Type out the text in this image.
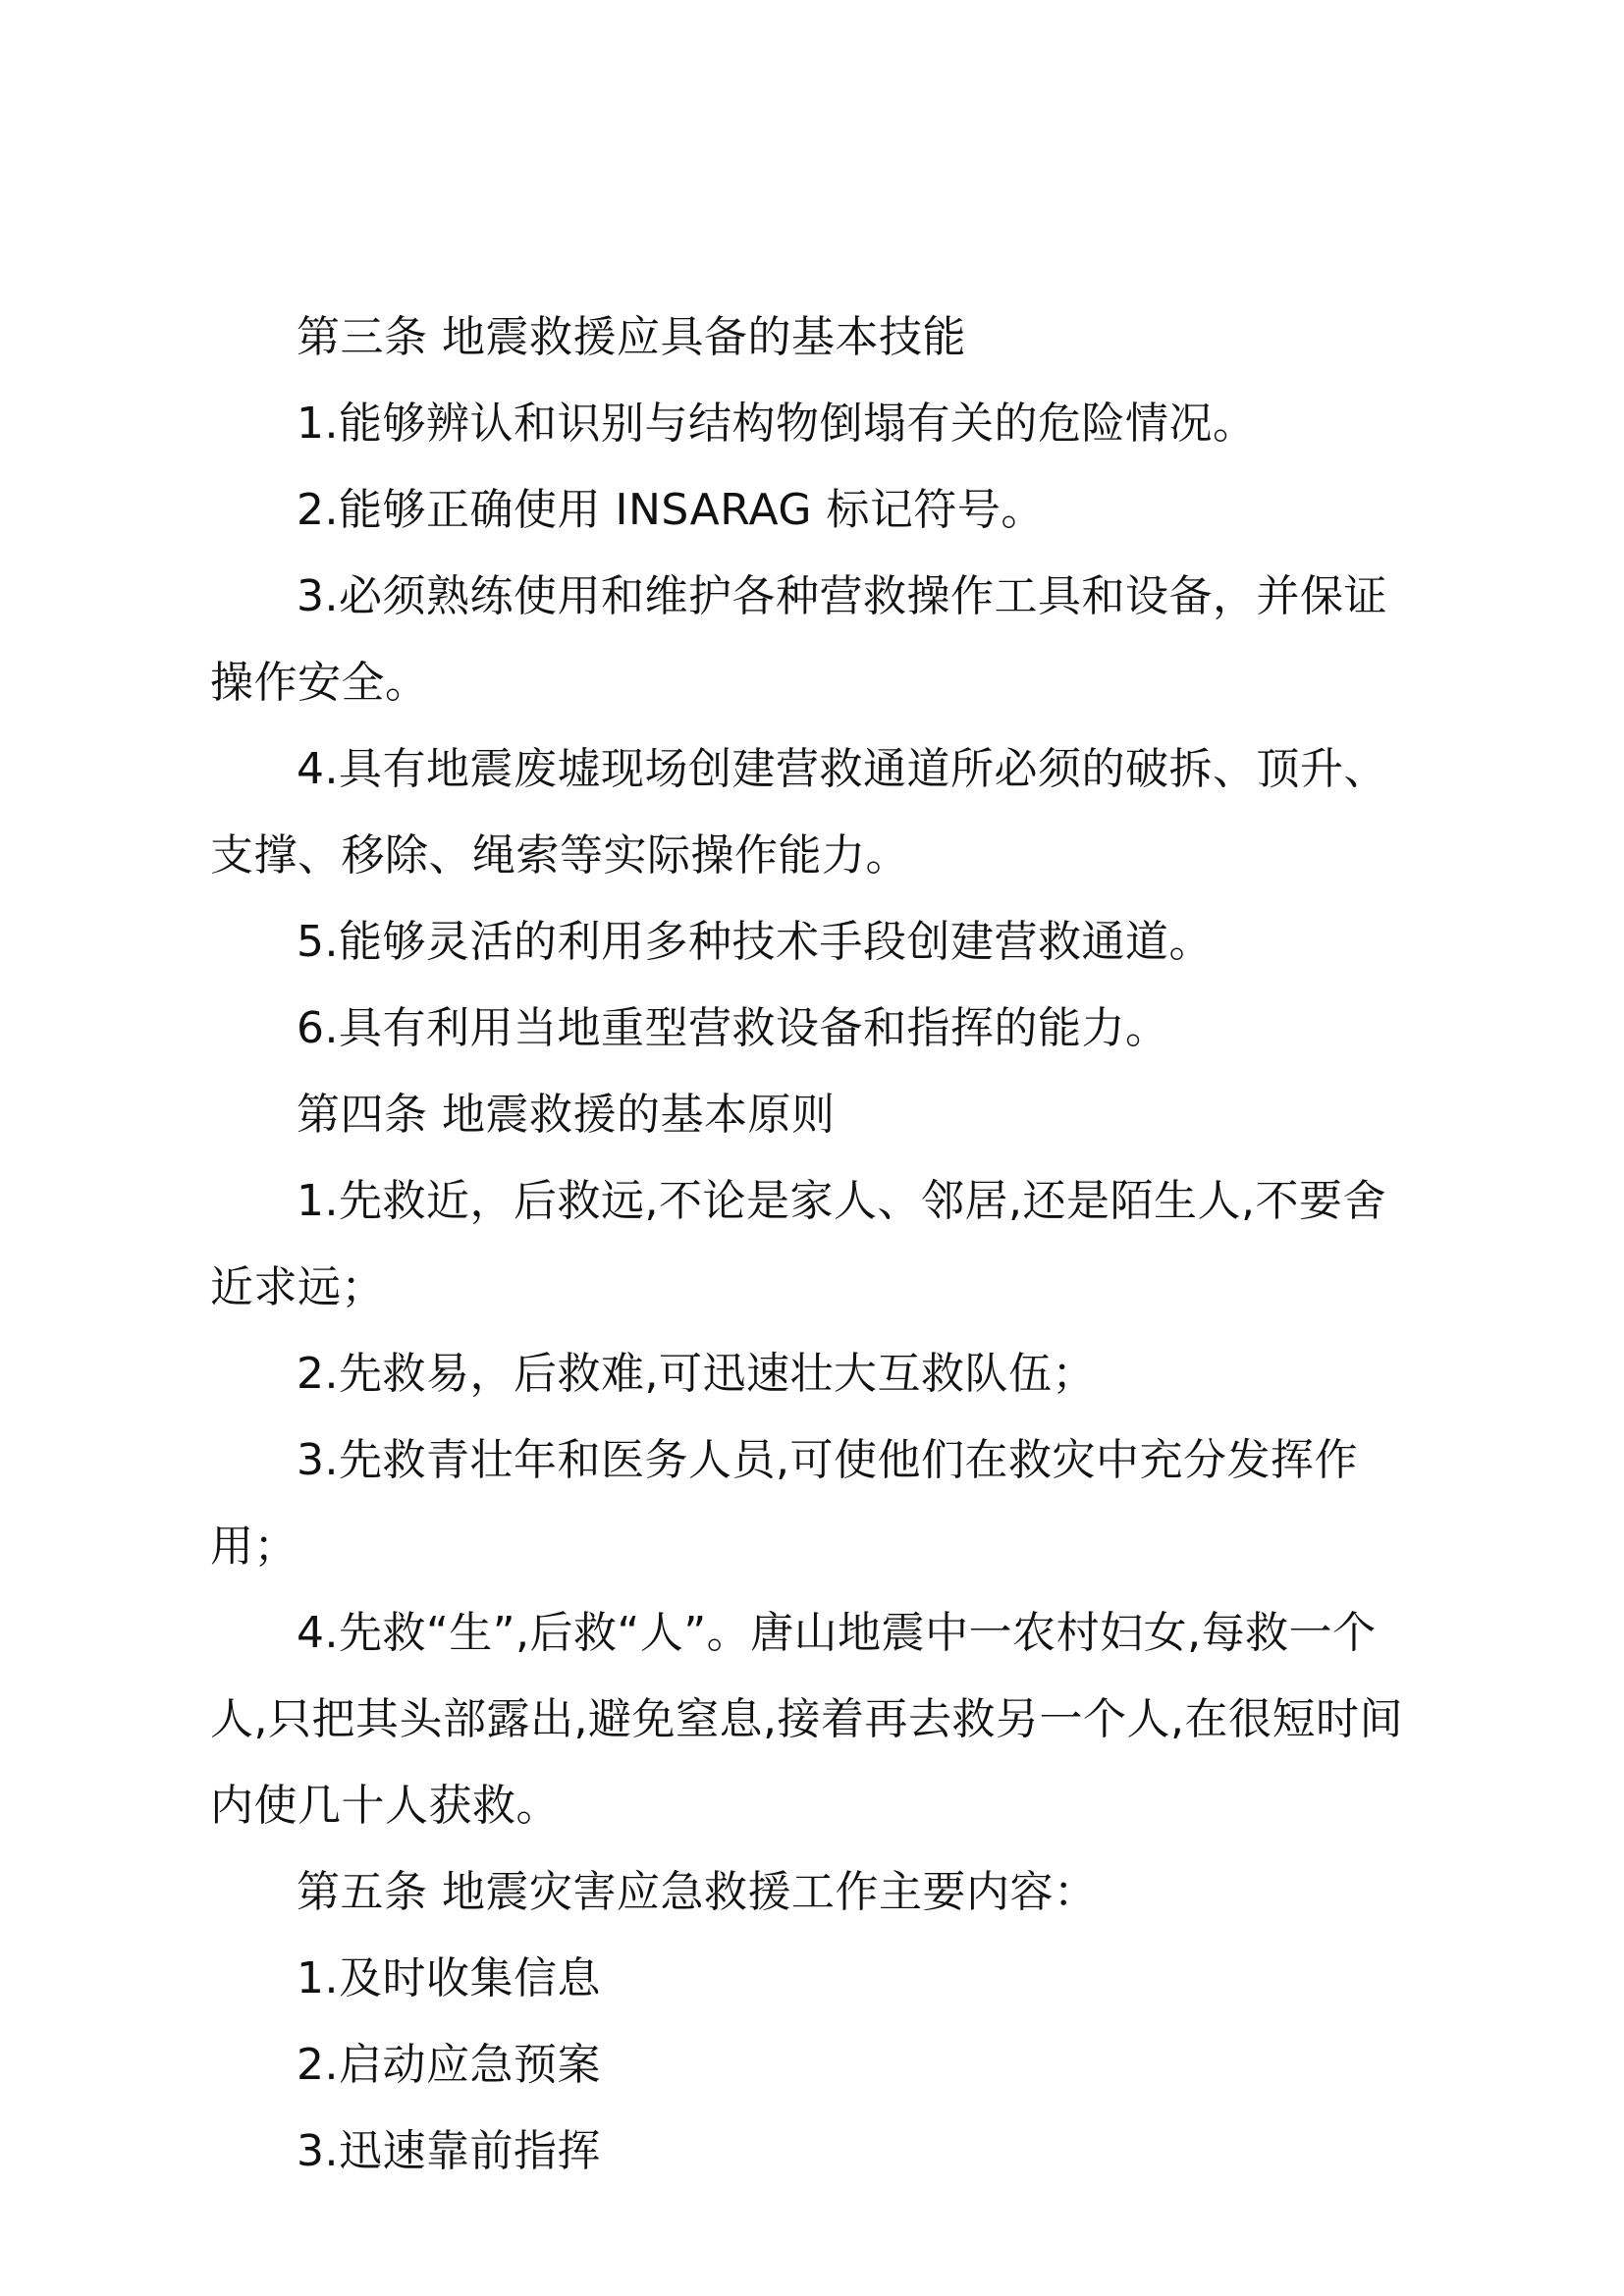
第三条 地震救援应具备的基本技能

1.能够辨认和识别与结构物倒塌有关的危险情况。

2.能够正确使用 INSARAG 标记符号。

3.必须熟练使用和维护各种营救操作工具和设备，并保证操作安全。

4.具有地震废墟现场创建营救通道所必须的破拆、顶升、支撑、移除、绳索等实际操作能力。

5.能够灵活的利用多种技术手段创建营救通道。

6.具有利用当地重型营救设备和指挥的能力。

第四条 地震救援的基本原则

1.先救近，后救远,不论是家人、邻居,还是陌生人,不要舍近求远；

2.先救易，后救难,可迅速壮大互救队伍；

3.先救青壮年和医务人员,可使他们在救灾中充分发挥作用；

4.先救“生”,后救“人”。唐山地震中一农村妇女,每救一个人,只把其头部露出,避免窒息,接着再去救另一个人,在很短时间内使几十人获救。

第五条 地震灾害应急救援工作主要内容：

1.及时收集信息

2.启动应急预案

3.迅速靠前指挥
